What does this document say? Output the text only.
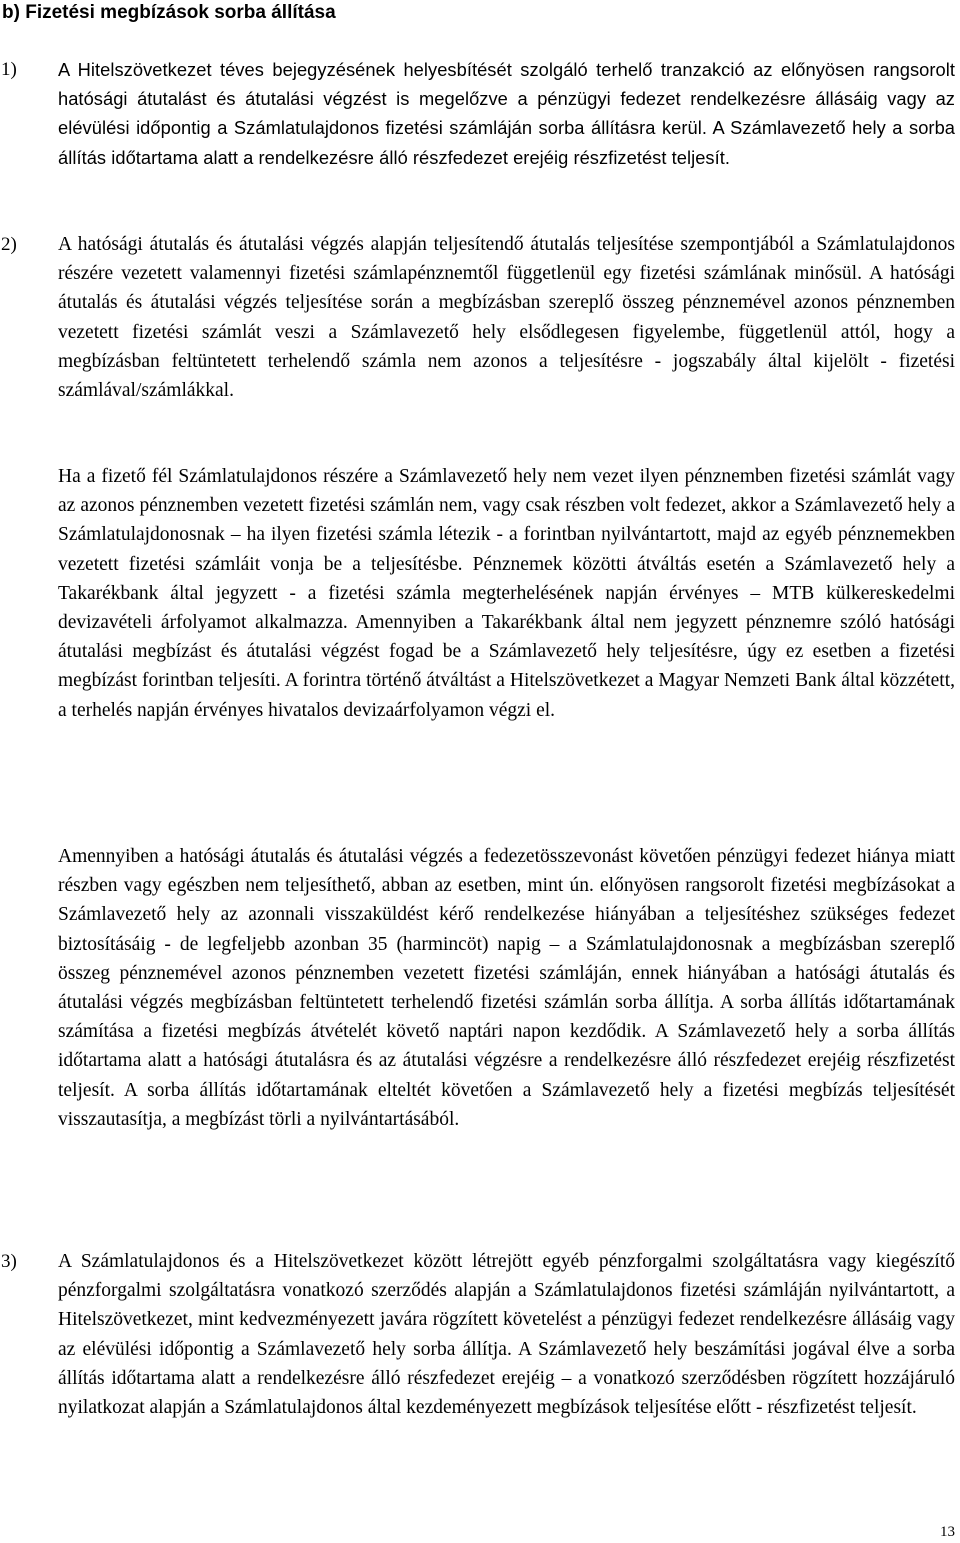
b) Fizetési megbízások sorba állítása
1) A Hitelszövetkezet téves bejegyzésének helyesbítését szolgáló terhelő tranzakció az előnyösen rangsorolt hatósági átutalást és átutalási végzést is megelőzve a pénzügyi fedezet rendelkezésre állásáig vagy az elévülési időpontig a Számlatulajdonos fizetési számláján sorba állításra kerül. A Számlavezető hely a sorba állítás időtartama alatt a rendelkezésre álló részfedezet erejéig részfizetést teljesít.

2) A hatósági átutalás és átutalási végzés alapján teljesítendő átutalás teljesítése szempontjából a Számlatulajdonos részére vezetett valamennyi fizetési számlapénznemtől függetlenül egy fizetési számlának minősül. A hatósági átutalás és átutalási végzés teljesítése során a megbízásban szereplő összeg pénznemével azonos pénznemben vezetett fizetési számlát veszi a Számlavezető hely elsődlegesen figyelembe, függetlenül attól, hogy a megbízásban feltüntetett terhelendő számla nem azonos a teljesítésre - jogszabály által kijelölt - fizetési számlával/számlákkal.

Ha a fizető fél Számlatulajdonos részére a Számlavezető hely nem vezet ilyen pénznemben fizetési számlát vagy az azonos pénznemben vezetett fizetési számlán nem, vagy csak részben volt fedezet, akkor a Számlavezető hely a Számlatulajdonosnak – ha ilyen fizetési számla létezik - a forintban nyilvántartott, majd az egyéb pénznemekben vezetett fizetési számláit vonja be a teljesítésbe. Pénznemek közötti átváltás esetén a Számlavezető hely a Takarékbank által jegyzett - a fizetési számla megterhelésének napján érvényes – MTB külkereskedelmi devizavételi árfolyamot alkalmazza. Amennyiben a Takarékbank által nem jegyzett pénznemre szóló hatósági átutalási megbízást és átutalási végzést fogad be a Számlavezető hely teljesítésre, úgy ez esetben a fizetési megbízást forintban teljesíti. A forintra történő átváltást a Hitelszövetkezet a Magyar Nemzeti Bank által közzétett, a terhelés napján érvényes hivatalos devizaárfolyamon végzi el.

Amennyiben a hatósági átutalás és átutalási végzés a fedezetösszevonást követően pénzügyi fedezet hiánya miatt részben vagy egészben nem teljesíthető, abban az esetben, mint ún. előnyösen rangsorolt fizetési megbízásokat a Számlavezető hely az azonnali visszaküldést kérő rendelkezése hiányában a teljesítéshez szükséges fedezet biztosításáig - de legfeljebb azonban 35 (harmincöt) napig – a Számlatulajdonosnak a megbízásban szereplő összeg pénznemével azonos pénznemben vezetett fizetési számláján, ennek hiányában a hatósági átutalás és átutalási végzés megbízásban feltüntetett terhelendő fizetési számlán sorba állítja. A sorba állítás időtartamának számítása a fizetési megbízás átvételét követő naptári napon kezdődik. A Számlavezető hely a sorba állítás időtartama alatt a hatósági átutalásra és az átutalási végzésre a rendelkezésre álló részfedezet erejéig részfizetést teljesít. A sorba állítás időtartamának elteltét követően a Számlavezető hely a fizetési megbízás teljesítését visszautasítja, a megbízást törli a nyilvántartásából.

3) A Számlatulajdonos és a Hitelszövetkezet között létrejött egyéb pénzforgalmi szolgáltatásra vagy kiegészítő pénzforgalmi szolgáltatásra vonatkozó szerződés alapján a Számlatulajdonos fizetési számláján nyilvántartott, a Hitelszövetkezet, mint kedvezményezett javára rögzített követelést a pénzügyi fedezet rendelkezésre állásáig vagy az elévülési időpontig a Számlavezető hely sorba állítja. A Számlavezető hely beszámítási jogával élve a sorba állítás időtartama alatt a rendelkezésre álló részfedezet erejéig – a vonatkozó szerződésben rögzített hozzájáruló nyilatkozat alapján a Számlatulajdonos által kezdeményezett megbízások teljesítése előtt - részfizetést teljesít.

13
